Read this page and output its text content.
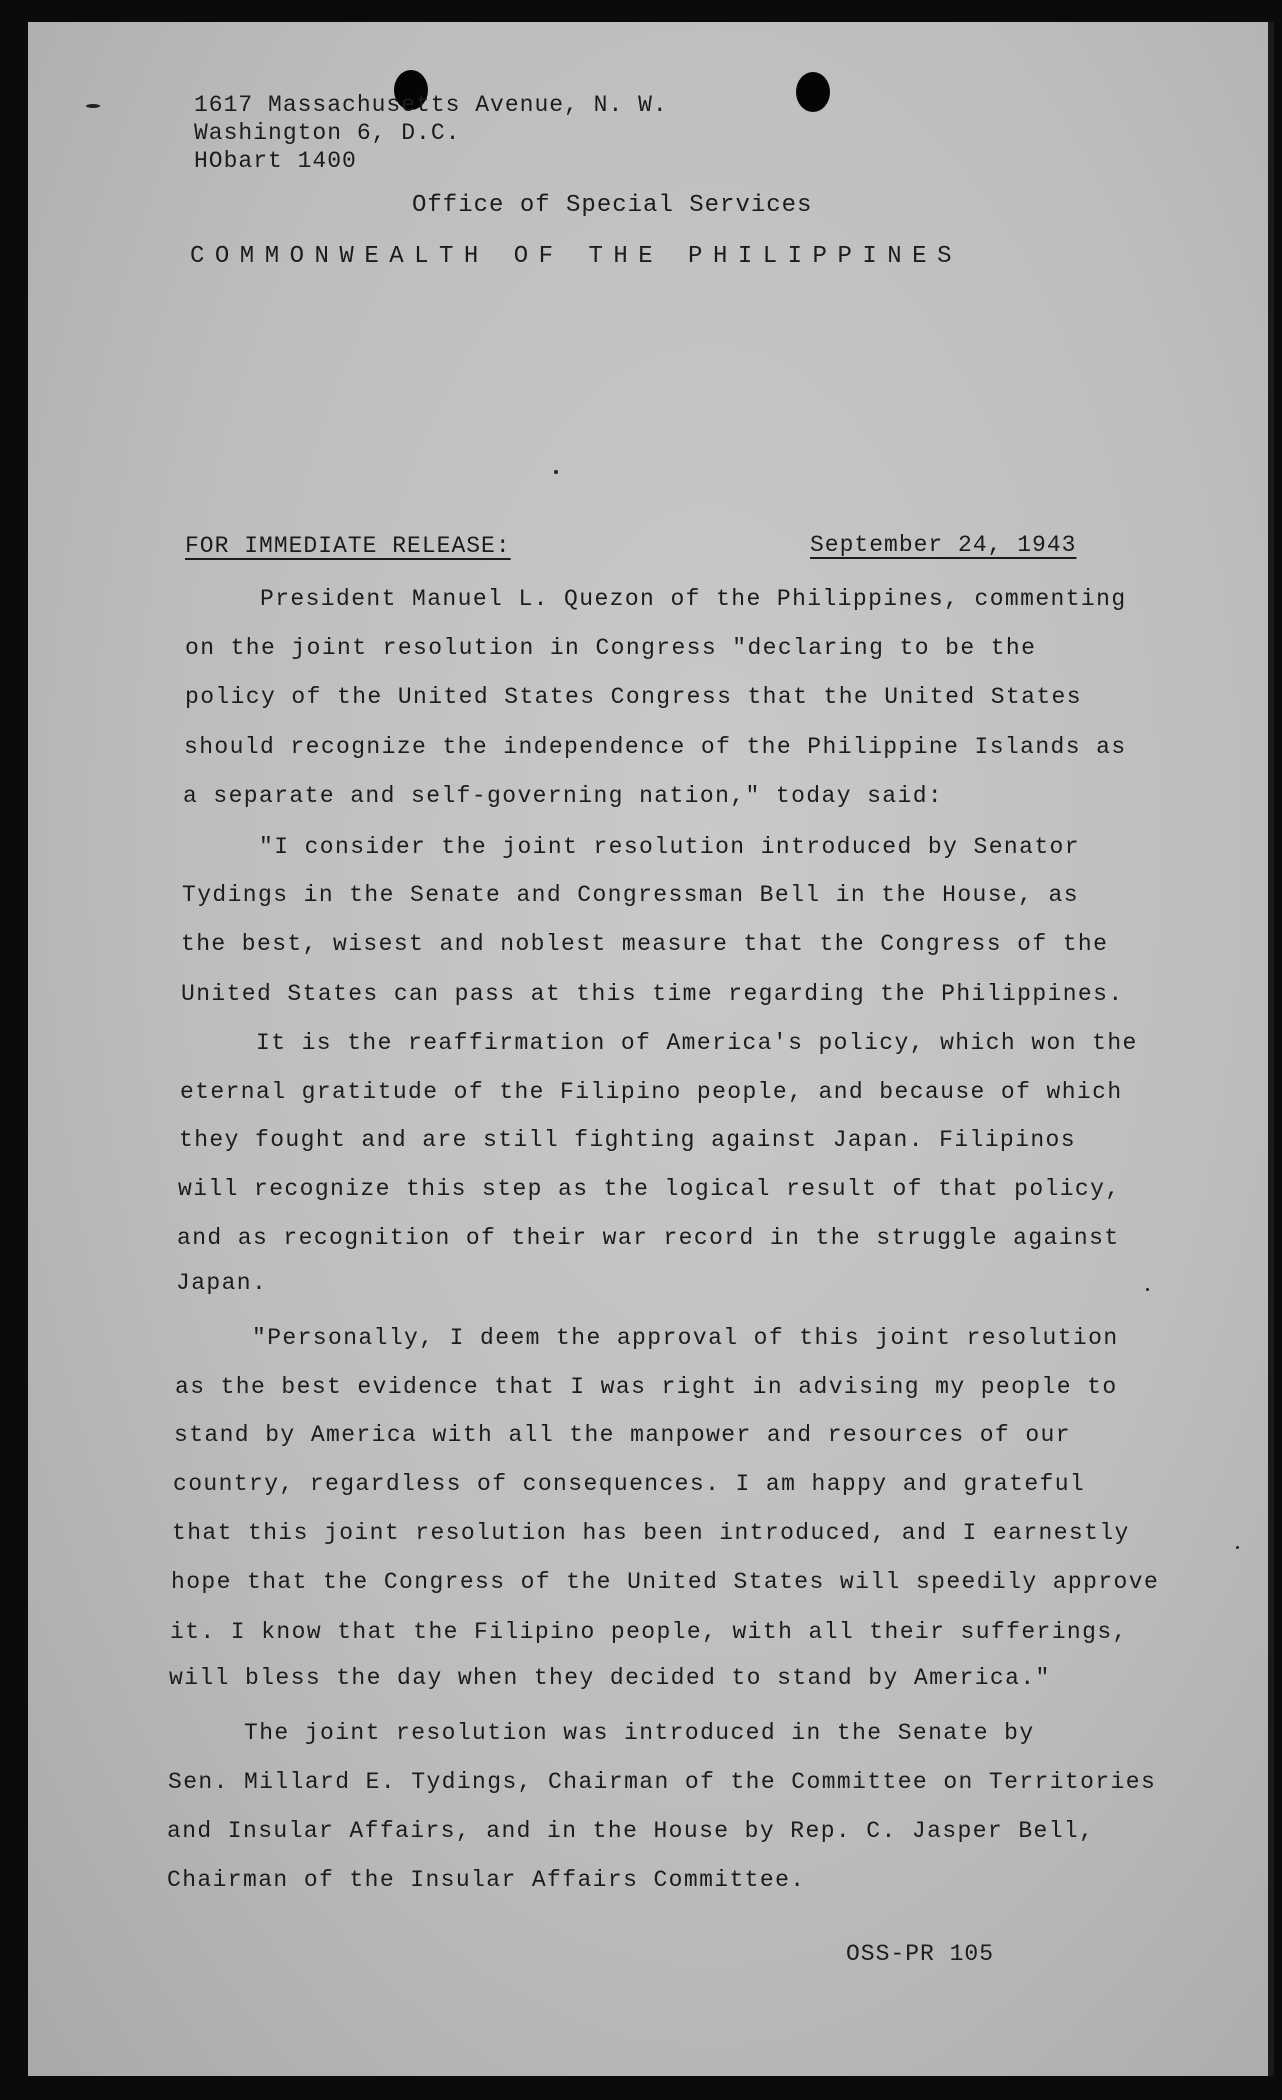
1617 Massachusetts Avenue, N. W.
Washington 6, D.C.
HObart 1400
Office of Special Services
COMMONWEALTH OF THE PHILIPPINES
FOR IMMEDIATE RELEASE:	September 24, 1943
President Manuel L. Quezon of the Philippines, commenting
on the joint resolution in Congress "declaring to be the
policy of the United States Congress that the United States
should recognize the independence of the Philippine Islands as
a separate and self-governing nation," today said:
"I consider the joint resolution introduced by Senator
Tydings in the Senate and Congressman Bell in the House, as
the best, wisest and noblest measure that the Congress of the
United States can pass at this time regarding the Philippines.
It is the reaffirmation of America's policy, which won the
eternal gratitude of the Filipino people, and because of which
they fought and are still fighting against Japan. Filipinos
will recognize this step as the logical result of that policy,
and as recognition of their war record in the struggle against
Japan.
"Personally, I deem the approval of this joint resolution
as the best evidence that I was right in advising my people to
stand by America with all the manpower and resources of our
country, regardless of consequences. I am happy and grateful
that this joint resolution has been introduced, and I earnestly
hope that the Congress of the United States will speedily approve
it. I know that the Filipino people, with all their sufferings,
will bless the day when they decided to stand by America."
The joint resolution was introduced in the Senate by
Sen. Millard E. Tydings, Chairman of the Committee on Territories
and Insular Affairs, and in the House by Rep. C. Jasper Bell,
Chairman of the Insular Affairs Committee.
OSS-PR 105
